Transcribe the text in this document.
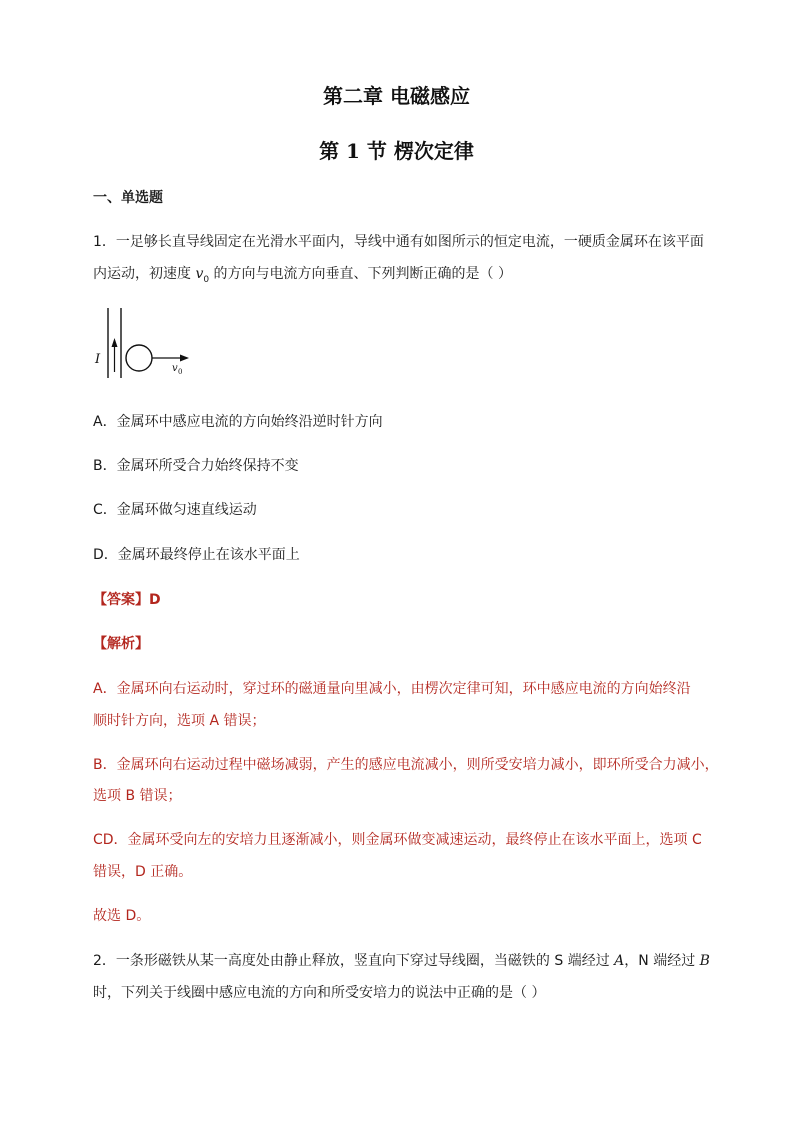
第二章 电磁感应
第 1 节 楞次定律
一、单选题
1．一足够长直导线固定在光滑水平面内，导线中通有如图所示的恒定电流，一硬质金属环在该平面
内运动，初速度 $v_0$ 的方向与电流方向垂直、下列判断正确的是（ ）
I
v 0
A．金属环中感应电流的方向始终沿逆时针方向
B．金属环所受合力始终保持不变
C．金属环做匀速直线运动
D．金属环最终停止在该水平面上
【答案】D
【解析】
A．金属环向右运动时，穿过环的磁通量向里减小，由楞次定律可知，环中感应电流的方向始终沿
顺时针方向，选项 A 错误；
B．金属环向右运动过程中磁场减弱，产生的感应电流减小，则所受安培力减小，即环所受合力减小，
选项 B 错误；
CD．金属环受向左的安培力且逐渐减小，则金属环做变减速运动，最终停止在该水平面上，选项 C
错误，D 正确。
故选 D。
2．一条形磁铁从某一高度处由静止释放，竖直向下穿过导线圈，当磁铁的 S 端经过 A，N 端经过 B
时，下列关于线圈中感应电流的方向和所受安培力的说法中正确的是（ ）
